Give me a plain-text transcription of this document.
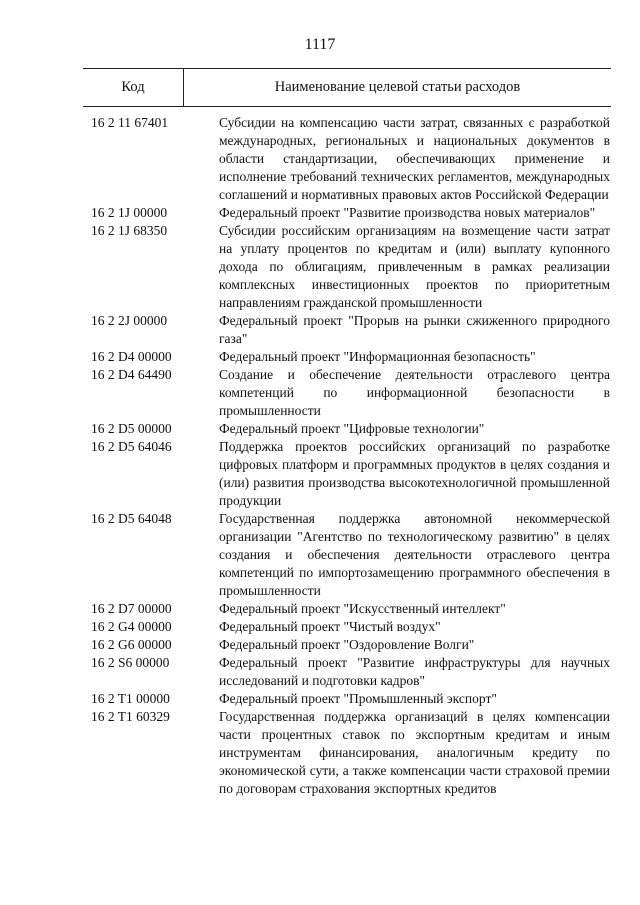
1117
Код	Наименование целевой статьи расходов
16 2 11 67401	Субсидии на компенсацию части затрат, связанных с разработкой международных, региональных и национальных документов в области стандартизации, обеспечивающих применение и исполнение требований технических регламентов, международных соглашений и нормативных правовых актов Российской Федерации
16 2 1J 00000	Федеральный проект "Развитие производства новых материалов"
16 2 1J 68350	Субсидии российским организациям на возмещение части затрат на уплату процентов по кредитам и (или) выплату купонного дохода по облигациям, привлеченным в рамках реализации комплексных инвестиционных проектов по приоритетным направлениям гражданской промышленности
16 2 2J 00000	Федеральный проект "Прорыв на рынки сжиженного природного газа"
16 2 D4 00000	Федеральный проект "Информационная безопасность"
16 2 D4 64490	Создание и обеспечение деятельности отраслевого центра компетенций по информационной безопасности в промышленности
16 2 D5 00000	Федеральный проект "Цифровые технологии"
16 2 D5 64046	Поддержка проектов российских организаций по разработке цифровых платформ и программных продуктов в целях создания и (или) развития производства высокотехнологичной промышленной продукции
16 2 D5 64048	Государственная поддержка автономной некоммерческой организации "Агентство по технологическому развитию" в целях создания и обеспечения деятельности отраслевого центра компетенций по импортозамещению программного обеспечения в промышленности
16 2 D7 00000	Федеральный проект "Искусственный интеллект"
16 2 G4 00000	Федеральный проект "Чистый воздух"
16 2 G6 00000	Федеральный проект "Оздоровление Волги"
16 2 S6 00000	Федеральный проект "Развитие инфраструктуры для научных исследований и подготовки кадров"
16 2 T1 00000	Федеральный проект "Промышленный экспорт"
16 2 T1 60329	Государственная поддержка организаций в целях компенсации части процентных ставок по экспортным кредитам и иным инструментам финансирования, аналогичным кредиту по экономической сути, а также компенсации части страховой премии по договорам страхования экспортных кредитов
